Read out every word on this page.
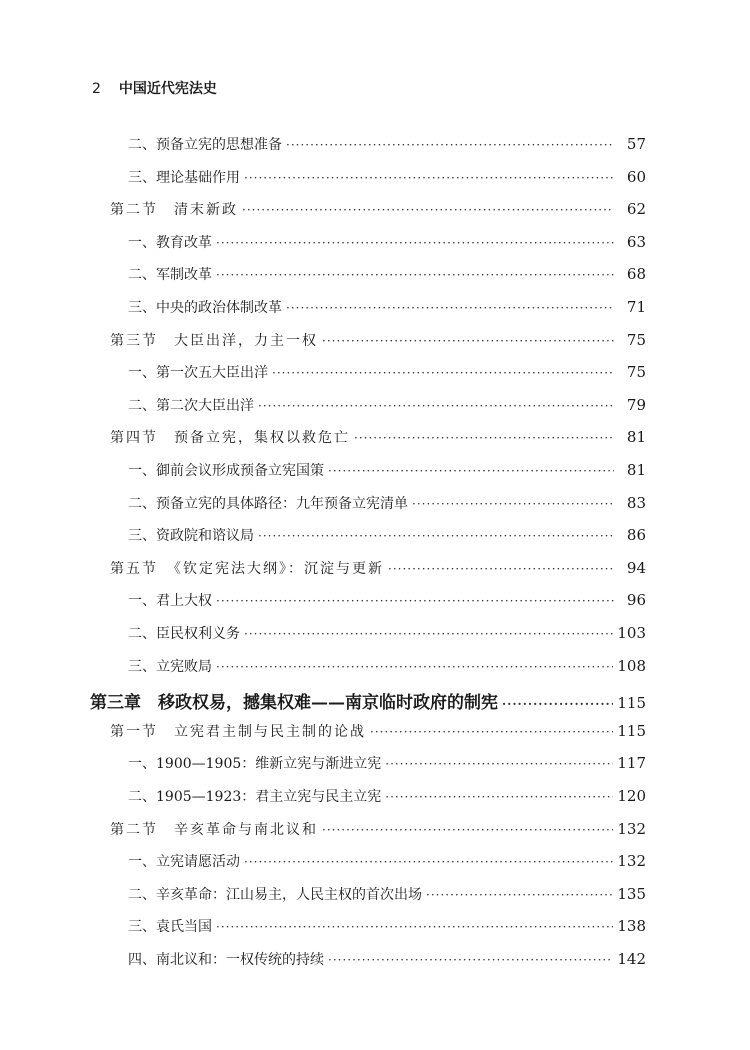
2 中国近代宪法史
二、预备立宪的思想准备 ·····	57
三、理论基础作用 ·····	60
第二节　清末新政 ·····	62
一、教育改革 ·····	63
二、军制改革 ·····	68
三、中央的政治体制改革 ·····	71
第三节　大臣出洋，力主一权 ·····	75
一、第一次五大臣出洋 ·····	75
二、第二次大臣出洋 ·····	79
第四节　预备立宪，集权以救危亡 ·····	81
一、御前会议形成预备立宪国策 ·····	81
二、预备立宪的具体路径：九年预备立宪清单 ·····	83
三、资政院和谘议局 ·····	86
第五节　《钦定宪法大纲》：沉淀与更新 ·····	94
一、君上大权 ·····	96
二、臣民权利义务 ·····	103
三、立宪败局 ·····	108
第三章　移政权易，撼集权难——南京临时政府的制宪 ·····	115
第一节　立宪君主制与民主制的论战 ·····	115
一、1900—1905：维新立宪与渐进立宪 ·····	117
二、1905—1923：君主立宪与民主立宪 ·····	120
第二节　辛亥革命与南北议和 ·····	132
一、立宪请愿活动 ·····	132
二、辛亥革命：江山易主，人民主权的首次出场 ·····	135
三、袁氏当国 ·····	138
四、南北议和：一权传统的持续 ·····	142
